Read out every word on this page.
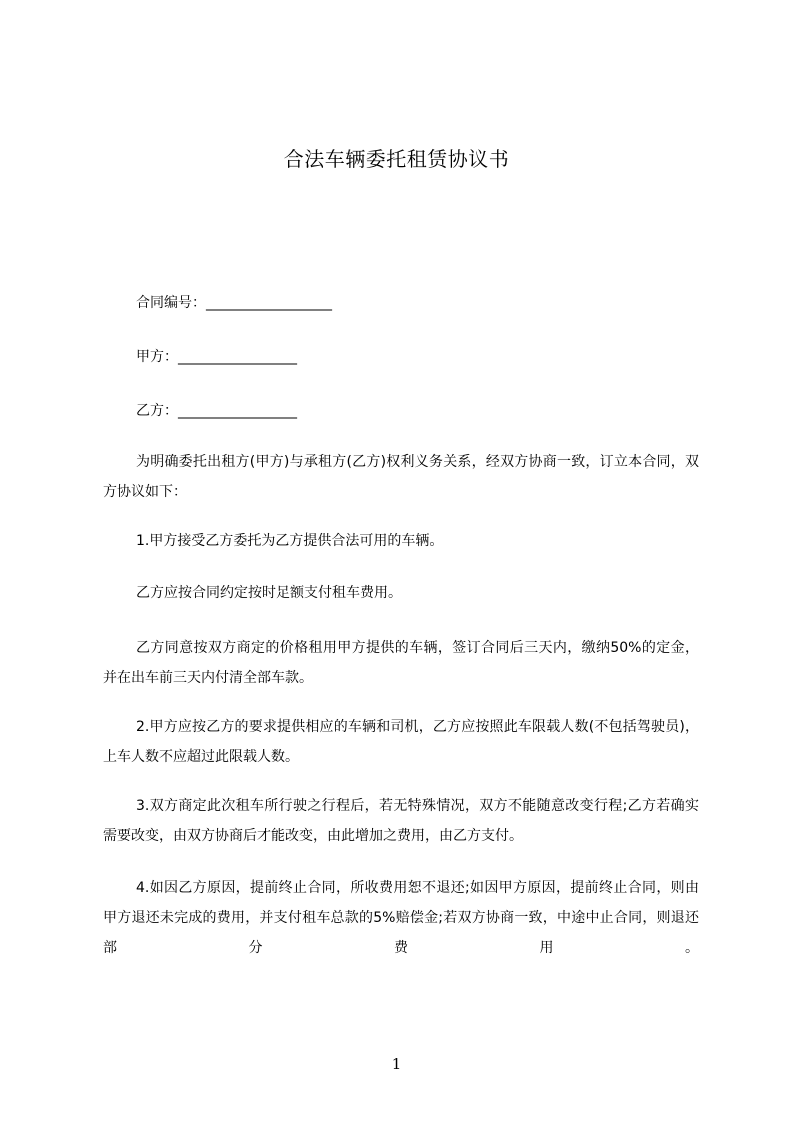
合法车辆委托租赁协议书
合同编号：__________________
甲方：_________________
乙方：_________________
为明确委托出租方(甲方)与承租方(乙方)权利义务关系，经双方协商一致，订立本合同，双方协议如下：
1.甲方接受乙方委托为乙方提供合法可用的车辆。
乙方应按合同约定按时足额支付租车费用。
乙方同意按双方商定的价格租用甲方提供的车辆，签订合同后三天内，缴纳50%的定金，并在出车前三天内付清全部车款。
2.甲方应按乙方的要求提供相应的车辆和司机，乙方应按照此车限载人数(不包括驾驶员)，上车人数不应超过此限载人数。
3.双方商定此次租车所行驶之行程后，若无特殊情况，双方不能随意改变行程;乙方若确实需要改变，由双方协商后才能改变，由此增加之费用，由乙方支付。
4.如因乙方原因，提前终止合同，所收费用恕不退还;如因甲方原因，提前终止合同，则由甲方退还未完成的费用，并支付租车总款的5%赔偿金;若双方协商一致，中途中止合同，则退还部分费用。
1
